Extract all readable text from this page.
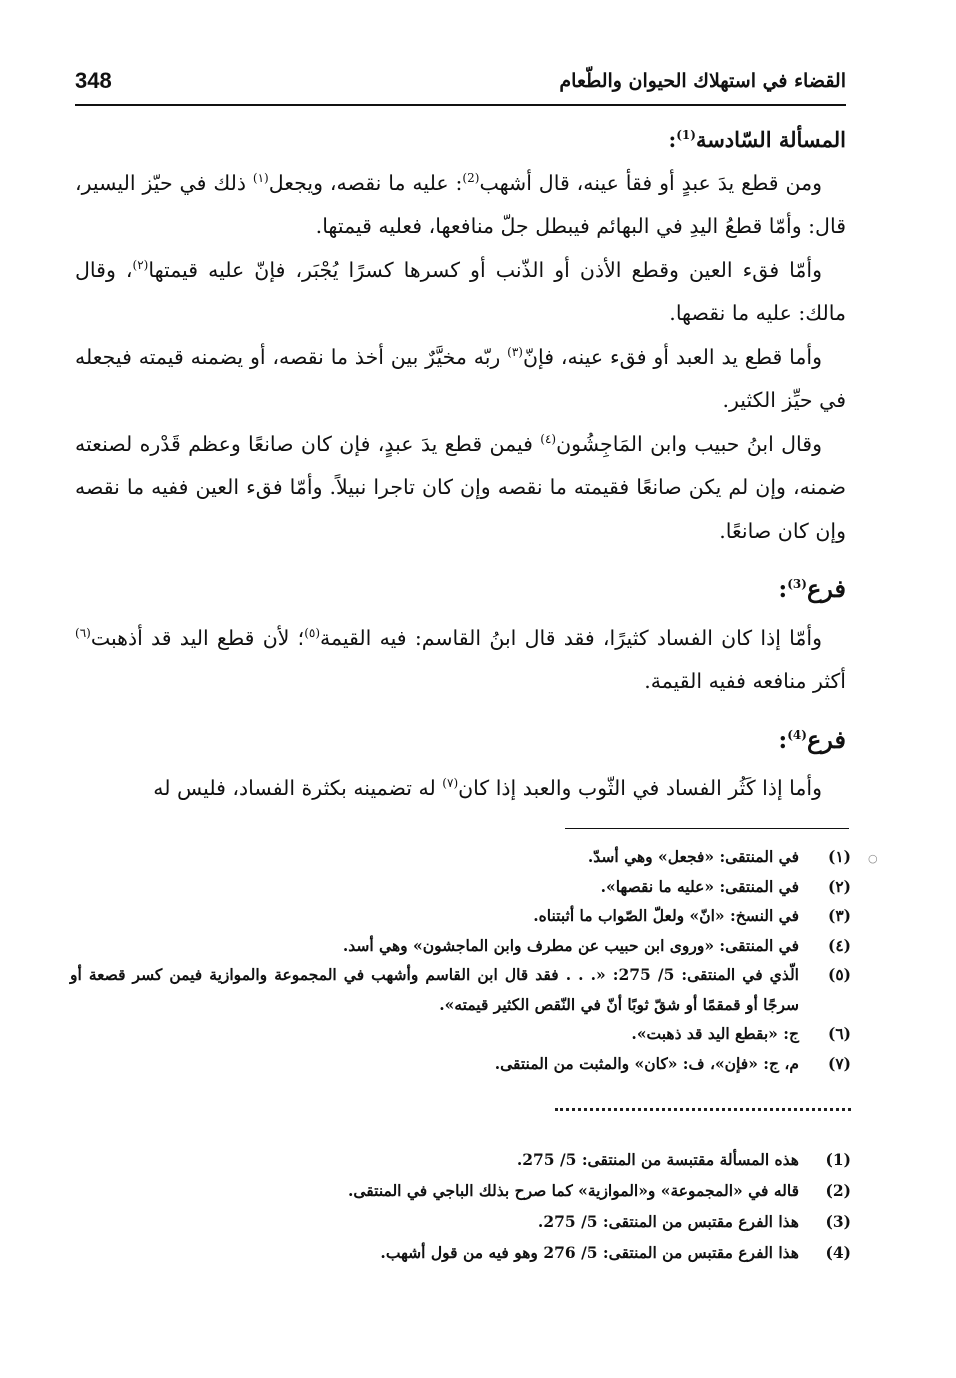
348	القضاء في استهلاك الحيوان والطّعام

المسألة السّادسة$^{(1)}$:

ومن قطع يدَ عبدٍ أو فقأ عينه، قال أشهب$^{(2)}$: عليه ما نقصه، ويجعل$^{(١)}$ ذلك في حيّز اليسير، قال: وأمّا قطعُ اليدِ في البهائم فيبطل جلّ منافعها، فعليه قيمتها.

وأمّا فقء العين وقطع الأذن أو الذّنب أو كسرها كسرًا يُجْبَر، فإنّ عليه قيمتها$^{(٢)}$، وقال مالك: عليه ما نقصها.

وأما قطع يد العبد أو فقء عينه، فإنّ$^{(٣)}$ ربّه مخيَّرٌ بين أخذ ما نقصه، أو يضمنه قيمته فيجعله في حيِّز الكثير.

وقال ابنُ حبيب وابن المَاجِشُون$^{(٤)}$ فيمن قطع يدَ عبدٍ، فإن كان صانعًا وعظم قَدْره لصنعته ضمنه، وإن لم يكن صانعًا فقيمته ما نقصه وإن كان تاجرا نبيلاً. وأمّا فقء العين ففيه ما نقصه وإن كان صانعًا.

فرع$^{(3)}$:

وأمّا إذا كان الفساد كثيرًا، فقد قال ابنُ القاسم: فيه القيمة$^{(٥)}$؛ لأن قطع اليد قد أذهبت$^{(٦)}$ أكثر منافعه ففيه القيمة.

فرع$^{(4)}$:

وأما إذا كَثُر الفساد في الثّوب والعبد إذا كان$^{(٧)}$ له تضمينه بكثرة الفساد، فليس له

○
(١)
في المنتقى: «فجعل» وهي أسدّ.
(٢)
في المنتقى: «عليه ما نقصها».
(٣)
في النسخ: «انّ» ولعلّ الصّواب ما أثبتناه.
(٤)
في المنتقى: «وروى ابن حبيب عن مطرف وابن الماجشون» وهي أسد.
(٥)
الّذي في المنتقى: 5/ 275: «. . . فقد قال ابن القاسم وأشهب في المجموعة والموازية فيمن كسر قصعة أو سرجًا أو قمقمًا أو شقّ ثوبًا أنّ في النّقص الكثير قيمته».
(٦)
ج: «بقطع اليد قد ذهبت».
(٧)
م، ج: «فإن»، ف: «كان» والمثبت من المنتقى.
(1)
هذه المسألة مقتبسة من المنتقى: 5/ 275.
(2)
قاله في «المجموعة» و«الموازية» كما صرح بذلك الباجي في المنتقى.
(3)
هذا الفرع مقتبس من المنتقى: 5/ 275.
(4)
هذا الفرع مقتبس من المنتقى: 5/ 276 وهو فيه من قول أشهب.
